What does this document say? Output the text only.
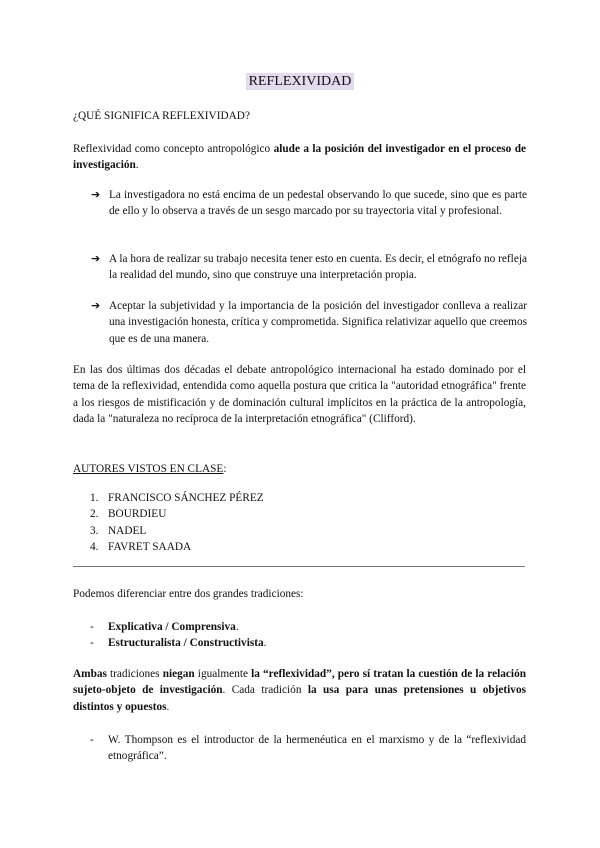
REFLEXIVIDAD

¿QUÉ SIGNIFICA REFLEXIVIDAD?

Reflexividad como concepto antropológico alude a la posición del investigador en el proceso de investigación.

➔ La investigadora no está encima de un pedestal observando lo que sucede, sino que es parte de ello y lo observa a través de un sesgo marcado por su trayectoria vital y profesional.

➔ A la hora de realizar su trabajo necesita tener esto en cuenta. Es decir, el etnógrafo no refleja la realidad del mundo, sino que construye una interpretación propia.

➔ Aceptar la subjetividad y la importancia de la posición del investigador conlleva a realizar una investigación honesta, crítica y comprometida. Significa relativizar aquello que creemos que es de una manera.

En las dos últimas dos décadas el debate antropológico internacional ha estado dominado por el tema de la reflexividad, entendida como aquella postura que critica la "autoridad etnográfica" frente a los riesgos de mistificación y de dominación cultural implícitos en la práctica de la antropología, dada la "naturaleza no recíproca de la interpretación etnográfica" (Clifford).

AUTORES VISTOS EN CLASE:

1. FRANCISCO SÁNCHEZ PÉREZ
2. BOURDIEU
3. NADEL
4. FAVRET SAADA

Podemos diferenciar entre dos grandes tradiciones:

- Explicativa / Comprensiva.
- Estructuralista / Constructivista.

Ambas tradiciones niegan igualmente la “reflexividad”, pero sí tratan la cuestión de la relación sujeto-objeto de investigación. Cada tradición la usa para unas pretensiones u objetivos distintos y opuestos.

- W. Thompson es el introductor de la hermenéutica en el marxismo y de la “reflexividad etnográfica”.
